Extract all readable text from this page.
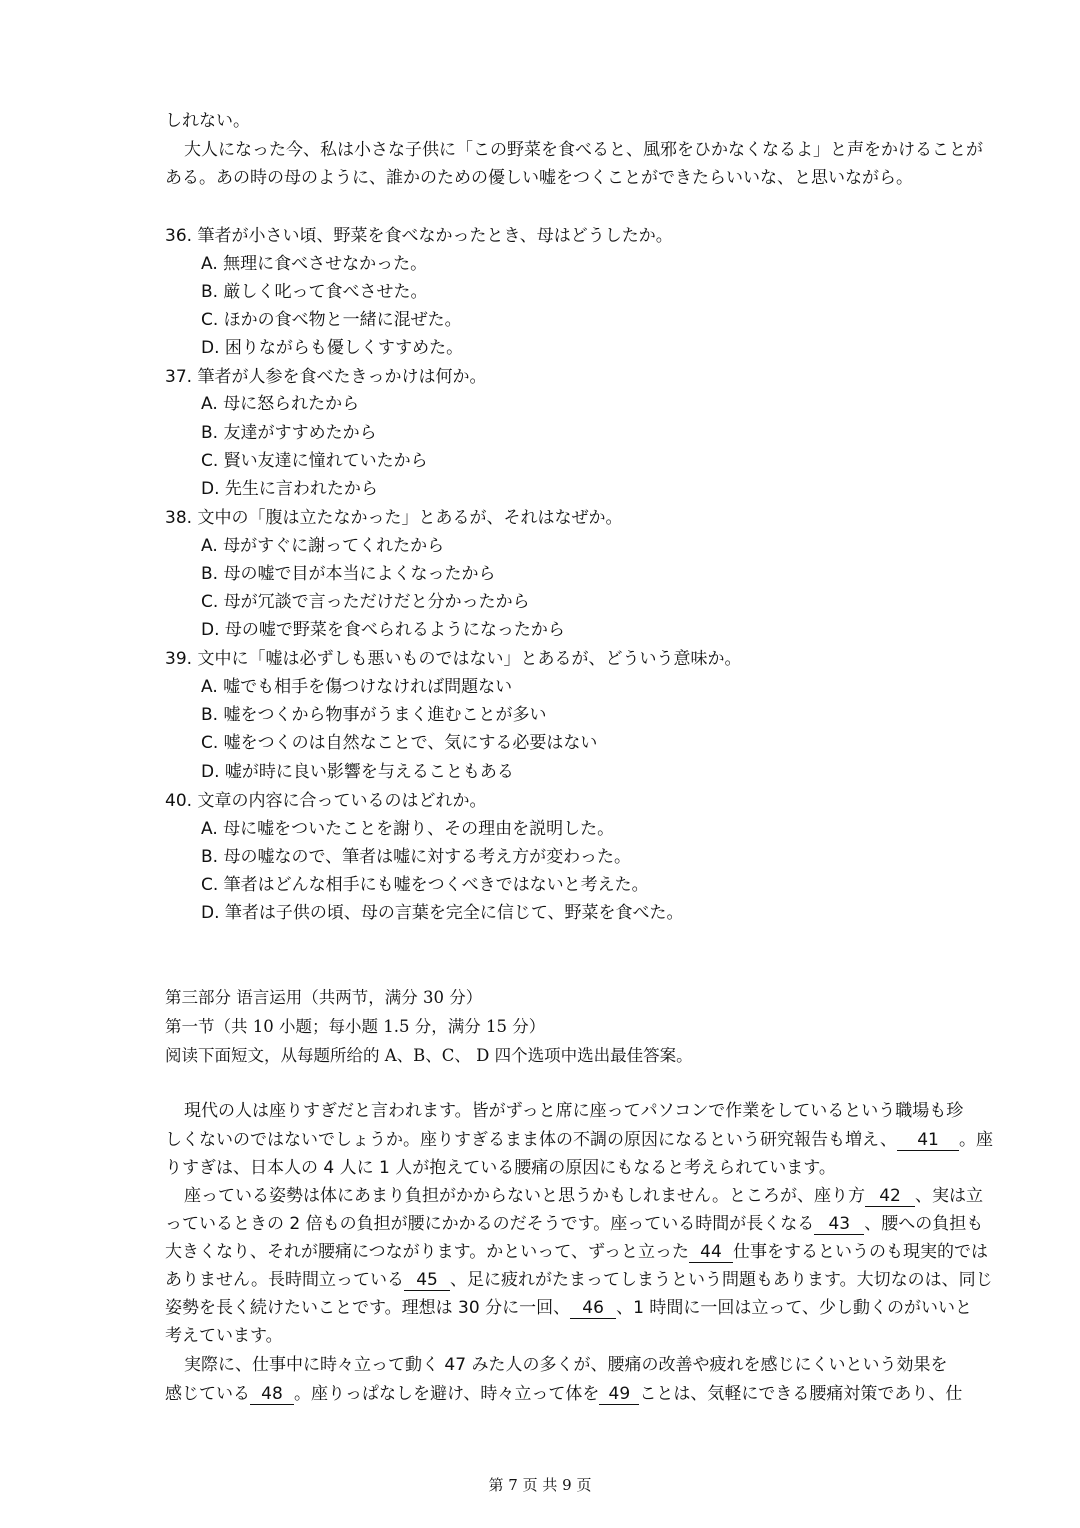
しれない。
大人になった今、私は小さな子供に「この野菜を食べると、風邪をひかなくなるよ」と声をかけることが
ある。あの時の母のように、誰かのための優しい嘘をつくことができたらいいな、と思いながら。
36. 筆者が小さい頃、野菜を食べなかったとき、母はどうしたか。
A. 無理に食べさせなかった。
B. 厳しく叱って食べさせた。
C. ほかの食べ物と一緒に混ぜた。
D. 困りながらも優しくすすめた。
37. 筆者が人参を食べたきっかけは何か。
A. 母に怒られたから
B. 友達がすすめたから
C. 賢い友達に憧れていたから
D. 先生に言われたから
38. 文中の「腹は立たなかった」とあるが、それはなぜか。
A. 母がすぐに謝ってくれたから
B. 母の嘘で目が本当によくなったから
C. 母が冗談で言っただけだと分かったから
D. 母の嘘で野菜を食べられるようになったから
39. 文中に「嘘は必ずしも悪いものではない」とあるが、どういう意味か。
A. 嘘でも相手を傷つけなければ問題ない
B. 嘘をつくから物事がうまく進むことが多い
C. 嘘をつくのは自然なことで、気にする必要はない
D. 嘘が時に良い影響を与えることもある
40. 文章の内容に合っているのはどれか。
A. 母に嘘をついたことを謝り、その理由を説明した。
B. 母の嘘なので、筆者は嘘に対する考え方が変わった。
C. 筆者はどんな相手にも嘘をつくべきではないと考えた。
D. 筆者は子供の頃、母の言葉を完全に信じて、野菜を食べた。
第三部分 语言运用（共两节，满分 30 分）
第一节（共 10 小题；每小题 1.5 分，满分 15 分）
阅读下面短文，从每题所给的 A、B、C、 D 四个选项中选出最佳答案。
現代の人は座りすぎだと言われます。皆がずっと席に座ってパソコンで作業をしているという職場も珍
しくないのではないでしょうか。座りすぎるまま体の不調の原因になるという研究報告も増え、 41 。座
りすぎは、日本人の 4 人に 1 人が抱えている腰痛の原因にもなると考えられています。
座っている姿勢は体にあまり負担がかからないと思うかもしれません。ところが、座り方 42 、実は立
っているときの 2 倍もの負担が腰にかかるのだそうです。座っている時間が長くなる 43 、腰への負担も
大きくなり、それが腰痛につながります。かといって、ずっと立った 44 仕事をするというのも現実的では
ありません。長時間立っている 45 、足に疲れがたまってしまうという問題もあります。大切なのは、同じ
姿勢を長く続けたいことです。理想は 30 分に一回、 46 、1 時間に一回は立って、少し動くのがいいと
考えています。
実際に、仕事中に時々立って動く 47 みた人の多くが、腰痛の改善や疲れを感じにくいという効果を
感じている 48 。座りっぱなしを避け、時々立って体を 49 ことは、気軽にできる腰痛対策であり、仕
第 7 页 共 9 页
